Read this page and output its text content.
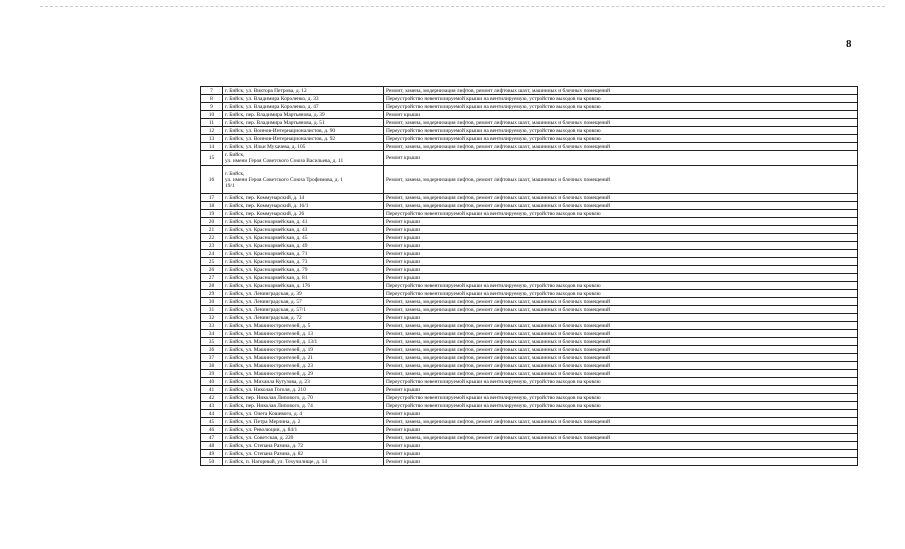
8
7	г. Бийск, ул. Виктора Петрова, д. 12	Ремонт, замена, модернизация лифтов, ремонт лифтовых шахт, машинных и блочных помещений
8	г. Бийск, ул. Владимира Короленко, д. 33	Переустройство невентилируемой крыши на вентилируемую, устройство выходов на кровлю
9	г. Бийск, ул. Владимира Короленко, д. 47	Переустройство невентилируемой крыши на вентилируемую, устройство выходов на кровлю
10	г. Бийск, пер. Владимира Мартьянова, д. 39	Ремонт крыши
11	г. Бийск, пер. Владимира Мартьянова, д. 51	Ремонт, замена, модернизация лифтов, ремонт лифтовых шахт, машинных и блочных помещений
12	г. Бийск, ул. Воинов-Интернационалистов, д. 90	Переустройство невентилируемой крыши на вентилируемую, устройство выходов на кровлю
13	г. Бийск, ул. Воинов-Интернационалистов, д. 92	Переустройство невентилируемой крыши на вентилируемую, устройство выходов на кровлю
14	г. Бийск, ул. Ильи Мухачева, д. 105	Ремонт, замена, модернизация лифтов, ремонт лифтовых шахт, машинных и блочных помещений
15	г. Бийск,
ул. имени Героя Советского Союза Васильева, д. 11	Ремонт крыши
16	г. Бийск,
ул. имени Героя Советского Союза Трофимова, д. 1
19/1	Ремонт, замена, модернизация лифтов, ремонт лифтовых шахт, машинных и блочных помещений
17	г. Бийск, пер. Коммунарский, д. 14	Ремонт, замена, модернизация лифтов, ремонт лифтовых шахт, машинных и блочных помещений
18	г. Бийск, пер. Коммунарский, д. 16/1	Ремонт, замена, модернизация лифтов, ремонт лифтовых шахт, машинных и блочных помещений
19	г. Бийск, пер. Коммунарский, д. 26	Переустройство невентилируемой крыши на вентилируемую, устройство выходов на кровлю
20	г. Бийск, ул. Красноармейская, д. 41	Ремонт крыши
21	г. Бийск, ул. Красноармейская, д. 43	Ремонт крыши
22	г. Бийск, ул. Красноармейская, д. 45	Ремонт крыши
23	г. Бийск, ул. Красноармейская, д. 49	Ремонт крыши
24	г. Бийск, ул. Красноармейская, д. 71	Ремонт крыши
25	г. Бийск, ул. Красноармейская, д. 73	Ремонт крыши
26	г. Бийск, ул. Красноармейская, д. 79	Ремонт крыши
27	г. Бийск, ул. Красноармейская, д. 81	Ремонт крыши
28	г. Бийск, ул. Красноармейская, д. 176	Переустройство невентилируемой крыши на вентилируемую, устройство выходов на кровлю
29	г. Бийск, ул. Ленинградская, д. 39	Переустройство невентилируемой крыши на вентилируемую, устройство выходов на кровлю
30	г. Бийск, ул. Ленинградская, д. 57	Ремонт, замена, модернизация лифтов, ремонт лифтовых шахт, машинных и блочных помещений
31	г. Бийск, ул. Ленинградская, д. 57/1	Ремонт, замена, модернизация лифтов, ремонт лифтовых шахт, машинных и блочных помещений
32	г. Бийск, ул. Ленинградская, д. 72	Ремонт крыши
33	г. Бийск, ул. Машиностроителей, д. 5	Ремонт, замена, модернизация лифтов, ремонт лифтовых шахт, машинных и блочных помещений
34	г. Бийск, ул. Машиностроителей, д. 13	Ремонт, замена, модернизация лифтов, ремонт лифтовых шахт, машинных и блочных помещений
35	г. Бийск, ул. Машиностроителей, д. 13/1	Ремонт, замена, модернизация лифтов, ремонт лифтовых шахт, машинных и блочных помещений
36	г. Бийск, ул. Машиностроителей, д. 19	Ремонт, замена, модернизация лифтов, ремонт лифтовых шахт, машинных и блочных помещений
37	г. Бийск, ул. Машиностроителей, д. 21	Ремонт, замена, модернизация лифтов, ремонт лифтовых шахт, машинных и блочных помещений
38	г. Бийск, ул. Машиностроителей, д. 23	Ремонт, замена, модернизация лифтов, ремонт лифтовых шахт, машинных и блочных помещений
39	г. Бийск, ул. Машиностроителей, д. 29	Ремонт, замена, модернизация лифтов, ремонт лифтовых шахт, машинных и блочных помещений
40	г. Бийск, ул. Михаила Кутузова, д. 23	Переустройство невентилируемой крыши на вентилируемую, устройство выходов на кровлю
41	г. Бийск, ул. Николая Гоголя, д. 210	Ремонт крыши
42	г. Бийск, пер. Николая Липового, д. 70	Переустройство невентилируемой крыши на вентилируемую, устройство выходов на кровлю
43	г. Бийск, пер. Николая Липового, д. 74	Переустройство невентилируемой крыши на вентилируемую, устройство выходов на кровлю
44	г. Бийск, ул. Олега Кошевого, д. 4	Ремонт крыши
45	г. Бийск, ул. Петра Мерлина, д. 2	Ремонт, замена, модернизация лифтов, ремонт лифтовых шахт, машинных и блочных помещений
46	г. Бийск, ул. Революции, д. 84/1	Ремонт крыши
47	г. Бийск, ул. Советская, д. 220	Ремонт, замена, модернизация лифтов, ремонт лифтовых шахт, машинных и блочных помещений
48	г. Бийск, ул. Степана Разина, д. 72	Ремонт крыши
49	г. Бийск, ул. Степана Разина, д. 82	Ремонт крыши
50	г. Бийск, п. Нагорный, ул. Техучилище, д. 14	Ремонт крыши
